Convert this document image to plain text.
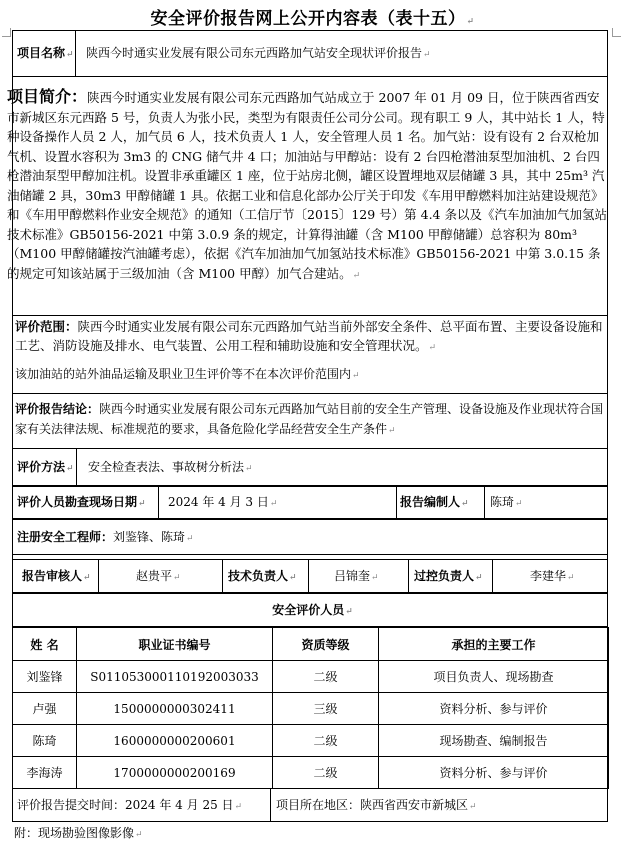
安全评价报告网上公开内容表（表十五）↵
项目名称↵ 陕西今时通实业发展有限公司东元西路加气站安全现状评价报告↵
项目简介：陕西今时通实业发展有限公司东元西路加气站成立于 2007 年 01 月 09 日，位于陕西省西安市新城区东元西路 5 号，负责人为张小民，类型为有限责任公司分公司。现有职工 9 人，其中站长 1 人，特种设备操作人员 2 人，加气员 6 人，技术负责人 1 人，安全管理人员 1 名。加气站：设有设有 2 台双枪加气机、设置水容积为 3m3 的 CNG 储气井 4 口；加油站与甲醇站：设有 2 台四枪潜油泵型加油机、2 台四枪潜油泵型甲醇加注机。设置非承重罐区 1 座，位于站房北侧，罐区设置埋地双层储罐 3 具，其中 25m³ 汽油储罐 2 具，30m3 甲醇储罐 1 具。依据工业和信息化部办公厅关于印发《车用甲醇燃料加注站建设规范》和《车用甲醇燃料作业安全规范》的通知（工信厅节〔2015〕129 号）第 4.4 条以及《汽车加油加气加氢站技术标准》GB50156-2021 中第 3.0.9 条的规定，计算得油罐（含 M100 甲醇储罐）总容积为 80m³（M100 甲醇储罐按汽油罐考虑），依据《汽车加油加气加氢站技术标准》GB50156-2021 中第 3.0.15 条的规定可知该站属于三级加油（含 M100 甲醇）加气合建站。↵
评价范围：陕西今时通实业发展有限公司东元西路加气站当前外部安全条件、总平面布置、主要设备设施和工艺、消防设施及排水、电气装置、公用工程和辅助设施和安全管理状况。↵
该加油站的站外油品运输及职业卫生评价等不在本次评价范围内↵
评价报告结论：陕西今时通实业发展有限公司东元西路加气站目前的安全生产管理、设备设施及作业现状符合国家有关法律法规、标准规范的要求，具备危险化学品经营安全生产条件↵
评价方法↵ 安全检查表法、事故树分析法↵
评价人员勘查现场日期↵ 2024 年 4 月 3 日↵	报告编制人↵ 陈琦↵
注册安全工程师：刘鉴锋、陈琦↵
报告审核人↵	赵贵平↵	技术负责人↵	吕锦奎↵	过控负责人↵	李建华↵
安全评价人员↵
姓 名	职业证书编号	资质等级	承担的主要工作
刘鉴锋	S011053000110192003033	二级	项目负责人、现场勘查
卢强	1500000000302411	三级	资料分析、参与评价
陈琦	1600000000200601	二级	现场勘查、编制报告
李海涛	1700000000200169	二级	资料分析、参与评价
评价报告提交时间：2024 年 4 月 25 日↵	项目所在地区：陕西省西安市新城区↵
附：现场勘验图像影像↵
